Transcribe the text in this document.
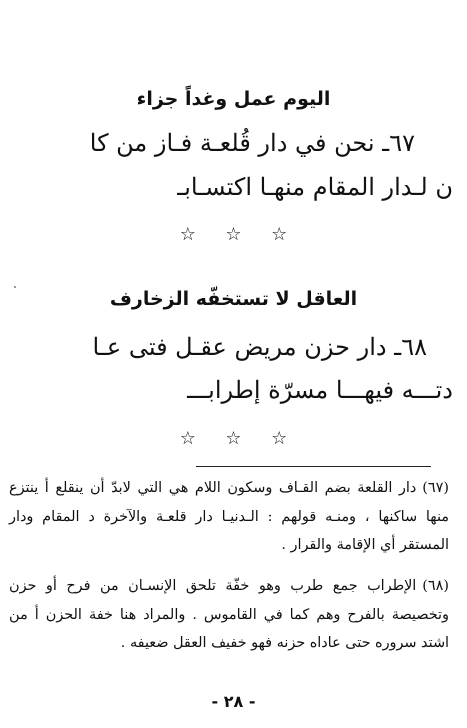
اليوم عمل وغداً جزاء
٦٧ـ نحن في دار قُلعـة فـاز من كا
ن لـدار المقام منهـا اكتسـابـ
☆ ☆ ☆
العاقل لا تستخفّه الزخارف
٦٨ـ دار حزن مريض عقـل فتى عـا
دتـــه فيهـــا مسرّة إطرابـــ
☆ ☆ ☆
(٦٧)دار القلعة بضم القـاف وسكون اللام هي التي لابدّ أن ينقلع أ ينتزع منها ساكنها ، ومنـه قولهم : الـدنيـا دار قلعـة والآخرة د المقام ودار المستقر أي الإقامة والقرار .
(٦٨)الإطراب جمع طرب وهو خفّة تلحق الإنسـان من فرح أو حزن وتخصيصة بالفرح وهم كما في القاموس . والمراد هنا خفة الحزن أ من اشتد سروره حتى عاداه حزنه فهو خفيف العقل ضعيفه .
- ٢٨ -
